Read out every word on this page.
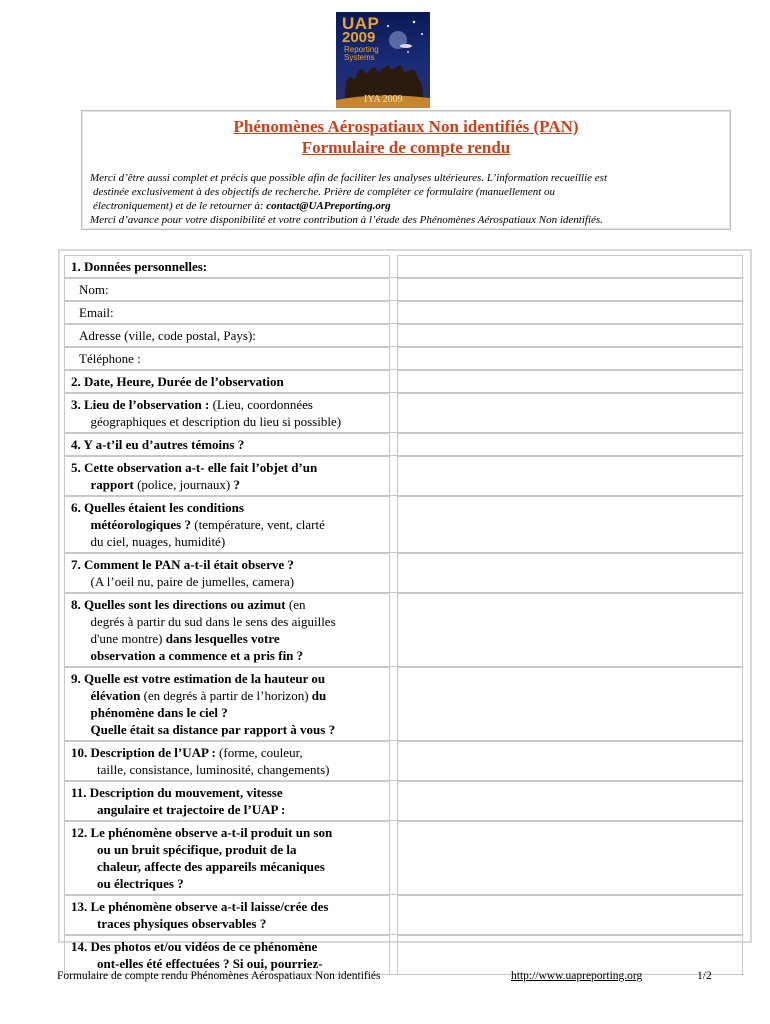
UAP
2009
Reporting Systems
IYA 2009
Phénomènes Aérospatiaux Non identifiés (PAN)
Formulaire de compte rendu
Merci d’être aussi complet et précis que possible afin de faciliter les analyses ultérieures. L’information recueillie est
destinée exclusivement à des objectifs de recherche. Prière de compléter ce formulaire (manuellement ou
électroniquement) et de le retourner à: contact@UAPreporting.org
Merci d’avance pour votre disponibilité et votre contribution à l’étude des Phénomènes Aérospatiaux Non identifiés.
1. Données personnelles:
Nom:
Email:
Adresse (ville, code postal, Pays):
Téléphone :
2. Date, Heure, Durée de l’observation
3. Lieu de l’observation : (Lieu, coordonnées
géographiques et description du lieu si possible)
4. Y a-t’il eu d’autres témoins ?
5. Cette observation a-t- elle fait l’objet d’un
rapport (police, journaux) ?
6. Quelles étaient les conditions
météorologiques ? (température, vent, clarté
du ciel, nuages, humidité)
7. Comment le PAN a-t-il était observe ?
(A l’oeil nu, paire de jumelles, camera)
8. Quelles sont les directions ou azimut (en
degrés à partir du sud dans le sens des aiguilles
d'une montre) dans lesquelles votre
observation a commence et a pris fin ?
9. Quelle est votre estimation de la hauteur ou
élévation (en degrés à partir de l’horizon) du
phénomène dans le ciel ?
Quelle était sa distance par rapport à vous ?
10. Description de l’UAP : (forme, couleur,
taille, consistance, luminosité, changements)
11. Description du mouvement, vitesse
angulaire et trajectoire de l’UAP :
12. Le phénomène observe a-t-il produit un son
ou un bruit spécifique, produit de la
chaleur, affecte des appareils mécaniques
ou électriques ?
13. Le phénomène observe a-t-il laisse/crée des
traces physiques observables ?
14. Des photos et/ou vidéos de ce phénomène
ont-elles été effectuées ? Si oui, pourriez-
Formulaire de compte rendu Phénomènes Aérospatiaux Non identifiés	http://www.uapreporting.org	1/2
